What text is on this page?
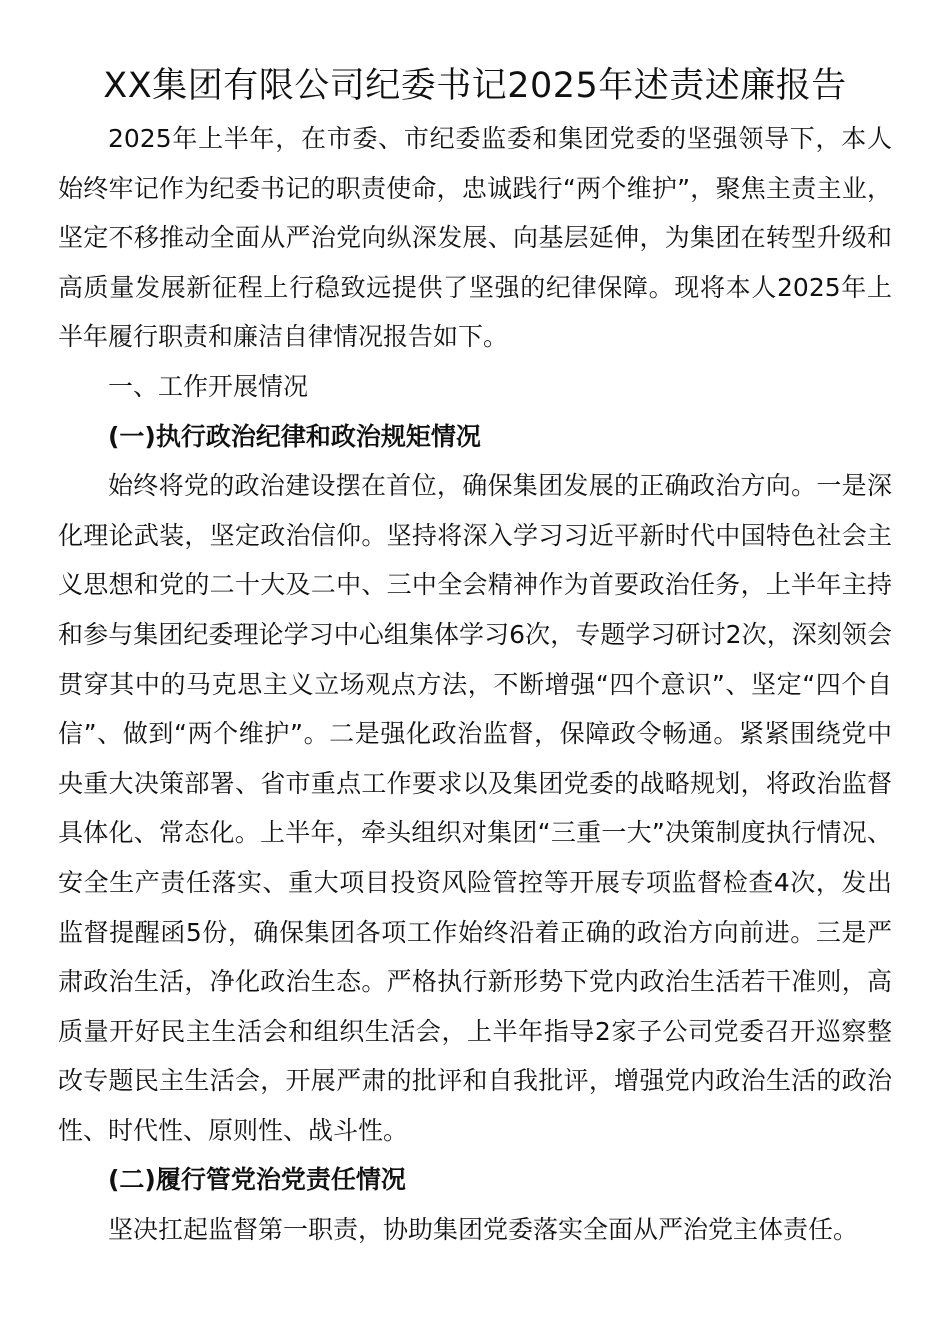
XX集团有限公司纪委书记2025年述责述廉报告

2025年上半年，在市委、市纪委监委和集团党委的坚强领导下，本人始终牢记作为纪委书记的职责使命，忠诚践行“两个维护”，聚焦主责主业，坚定不移推动全面从严治党向纵深发展、向基层延伸，为集团在转型升级和高质量发展新征程上行稳致远提供了坚强的纪律保障。现将本人2025年上半年履行职责和廉洁自律情况报告如下。

一、工作开展情况

(一)执行政治纪律和政治规矩情况

始终将党的政治建设摆在首位，确保集团发展的正确政治方向。一是深化理论武装，坚定政治信仰。坚持将深入学习习近平新时代中国特色社会主义思想和党的二十大及二中、三中全会精神作为首要政治任务，上半年主持和参与集团纪委理论学习中心组集体学习6次，专题学习研讨2次，深刻领会贯穿其中的马克思主义立场观点方法，不断增强“四个意识”、坚定“四个自信”、做到“两个维护”。二是强化政治监督，保障政令畅通。紧紧围绕党中央重大决策部署、省市重点工作要求以及集团党委的战略规划，将政治监督具体化、常态化。上半年，牵头组织对集团“三重一大”决策制度执行情况、安全生产责任落实、重大项目投资风险管控等开展专项监督检查4次，发出监督提醒函5份，确保集团各项工作始终沿着正确的政治方向前进。三是严肃政治生活，净化政治生态。严格执行新形势下党内政治生活若干准则，高质量开好民主生活会和组织生活会，上半年指导2家子公司党委召开巡察整改专题民主生活会，开展严肃的批评和自我批评，增强党内政治生活的政治性、时代性、原则性、战斗性。

(二)履行管党治党责任情况

坚决扛起监督第一职责，协助集团党委落实全面从严治党主体责任。
